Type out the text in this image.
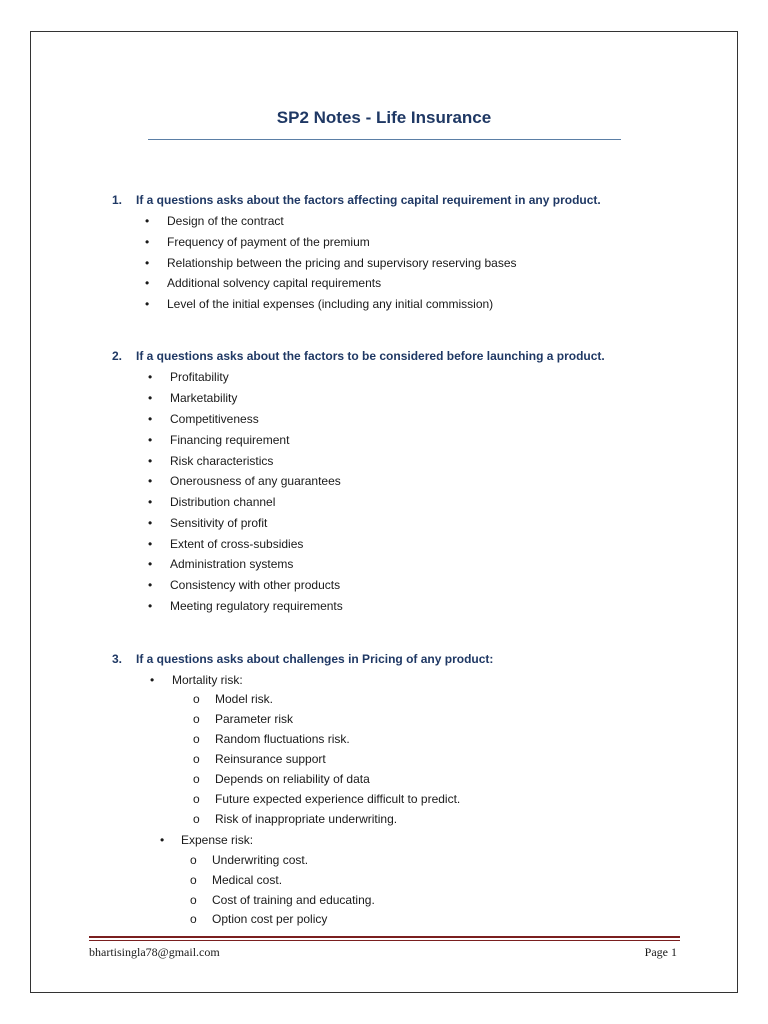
SP2 Notes - Life Insurance
1. If a questions asks about the factors affecting capital requirement in any product.
• Design of the contract
• Frequency of payment of the premium
• Relationship between the pricing and supervisory reserving bases
• Additional solvency capital requirements
• Level of the initial expenses (including any initial commission)
2. If a questions asks about the factors to be considered before launching a product.
• Profitability
• Marketability
• Competitiveness
• Financing requirement
• Risk characteristics
• Onerousness of any guarantees
• Distribution channel
• Sensitivity of profit
• Extent of cross-subsidies
• Administration systems
• Consistency with other products
• Meeting regulatory requirements
3. If a questions asks about challenges in Pricing of any product:
• Mortality risk:
o Model risk.
o Parameter risk
o Random fluctuations risk.
o Reinsurance support
o Depends on reliability of data
o Future expected experience difficult to predict.
o Risk of inappropriate underwriting.
• Expense risk:
o Underwriting cost.
o Medical cost.
o Cost of training and educating.
o Option cost per policy
bhartisingla78@gmail.com	Page 1
